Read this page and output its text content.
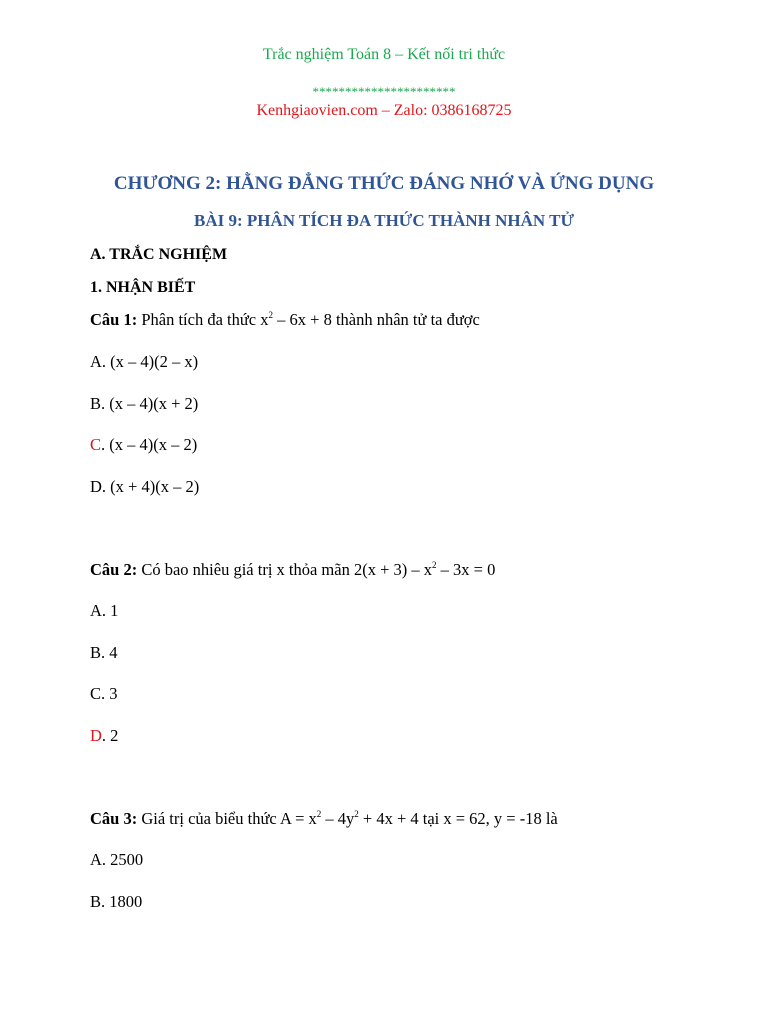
Trắc nghiệm Toán 8 – Kết nối tri thức
**********************
Kenhgiaovien.com – Zalo: 0386168725
CHƯƠNG 2: HẰNG ĐẲNG THỨC ĐÁNG NHỚ VÀ ỨNG DỤNG
BÀI 9: PHÂN TÍCH ĐA THỨC THÀNH NHÂN TỬ
A. TRẮC NGHIỆM
1. NHẬN BIẾT
Câu 1: Phân tích đa thức $x^2 - 6x + 8$ thành nhân tử ta được
A. (x – 4)(2 – x)
B. (x – 4)(x + 2)
C. (x – 4)(x – 2)
D. (x + 4)(x – 2)
Câu 2: Có bao nhiêu giá trị x thỏa mãn $2(x + 3) - x^2 - 3x = 0$
A. 1
B. 4
C. 3
D. 2
Câu 3: Giá trị của biểu thức $A = x^2 - 4y^2 + 4x + 4$ tại x = 62, y = -18 là
A. 2500
B. 1800
